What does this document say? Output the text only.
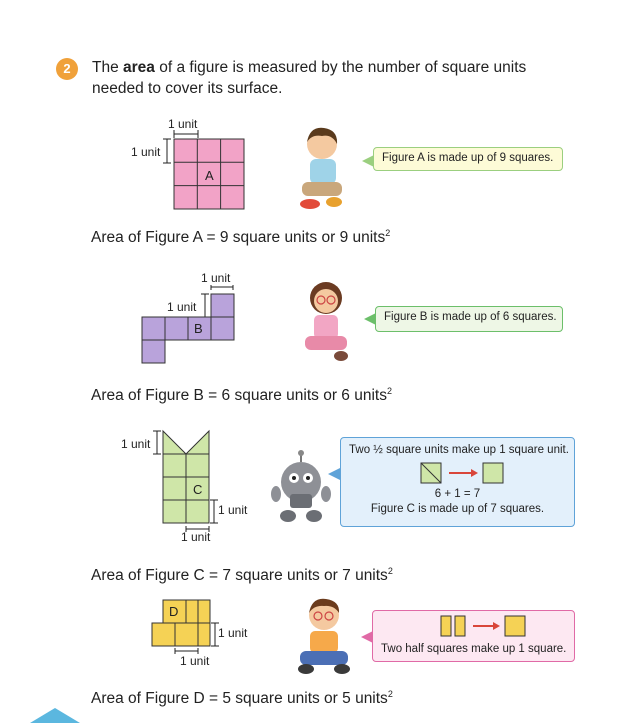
2	The area of a figure is measured by the number of square units needed to cover its surface.
A
1 unit
1 unit	Figure A is made up of 9 squares.
Area of Figure A = 9 square units or 9 units$^2$
B
1 unit
1 unit
Figure B is made up of 6 squares.
Area of Figure B = 6 square units or 6 units$^2$
C
1 unit
1 unit
1 unit
Two ½ square units make up 1 square unit.
6 + 1 = 7
Figure C is made up of 7 squares.
Area of Figure C = 7 square units or 7 units$^2$
D
1 unit
1 unit
Two half squares make up 1 square.
Area of Figure D = 5 square units or 5 units$^2$
